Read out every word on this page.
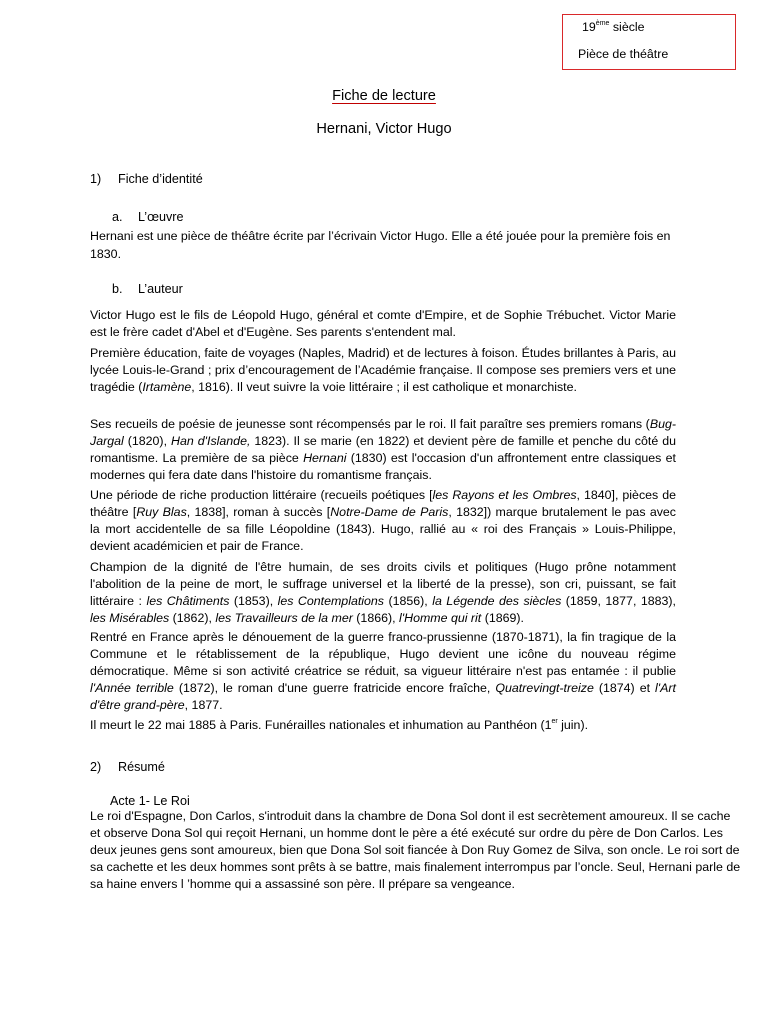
19ème siècle
Pièce de théâtre
Fiche de lecture
Hernani, Victor Hugo
1) Fiche d’identité
a. L’œuvre

Hernani est une pièce de théâtre écrite par l’écrivain Victor Hugo. Elle a été jouée pour la première fois en 1830.

b. L’auteur

Victor Hugo est le fils de Léopold Hugo, général et comte d'Empire, et de Sophie Trébuchet. Victor Marie est le frère cadet d'Abel et d'Eugène. Ses parents s'entendent mal.

Première éducation, faite de voyages (Naples, Madrid) et de lectures à foison. Études brillantes à Paris, au lycée Louis-le-Grand ; prix d’encouragement de l’Académie française. Il compose ses premiers vers et une tragédie (Irtamène, 1816). Il veut suivre la voie littéraire ; il est catholique et monarchiste.

Ses recueils de poésie de jeunesse sont récompensés par le roi. Il fait paraître ses premiers romans (Bug-Jargal (1820), Han d'Islande, 1823). Il se marie (en 1822) et devient père de famille et penche du côté du romantisme. La première de sa pièce Hernani (1830) est l'occasion d'un affrontement entre classiques et modernes qui fera date dans l'histoire du romantisme français.

Une période de riche production littéraire (recueils poétiques [les Rayons et les Ombres, 1840], pièces de théâtre [Ruy Blas, 1838], roman à succès [Notre-Dame de Paris, 1832]) marque brutalement le pas avec la mort accidentelle de sa fille Léopoldine (1843). Hugo, rallié au « roi des Français » Louis-Philippe, devient académicien et pair de France.

Champion de la dignité de l'être humain, de ses droits civils et politiques (Hugo prône notamment l'abolition de la peine de mort, le suffrage universel et la liberté de la presse), son cri, puissant, se fait littéraire : les Châtiments (1853), les Contemplations (1856), la Légende des siècles (1859, 1877, 1883), les Misérables (1862), les Travailleurs de la mer (1866), l'Homme qui rit (1869).

Rentré en France après le dénouement de la guerre franco-prussienne (1870-1871), la fin tragique de la Commune et le rétablissement de la république, Hugo devient une icône du nouveau régime démocratique. Même si son activité créatrice se réduit, sa vigueur littéraire n'est pas entamée : il publie l'Année terrible (1872), le roman d'une guerre fratricide encore fraîche, Quatrevingt-treize (1874) et l'Art d'être grand-père, 1877.

Il meurt le 22 mai 1885 à Paris. Funérailles nationales et inhumation au Panthéon (1er juin).

2) Résumé
Acte 1- Le Roi

Le roi d'Espagne, Don Carlos, s'introduit dans la chambre de Dona Sol dont il est secrètement amoureux. Il se cache et observe Dona Sol qui reçoit Hernani, un homme dont le père a été exécuté sur ordre du père de Don Carlos. Les deux jeunes gens sont amoureux, bien que Dona Sol soit fiancée à Don Ruy Gomez de Silva, son oncle. Le roi sort de sa cachette et les deux hommes sont prêts à se battre, mais finalement interrompus par l’oncle. Seul, Hernani parle de sa haine envers l ’homme qui a assassiné son père. Il prépare sa vengeance.
